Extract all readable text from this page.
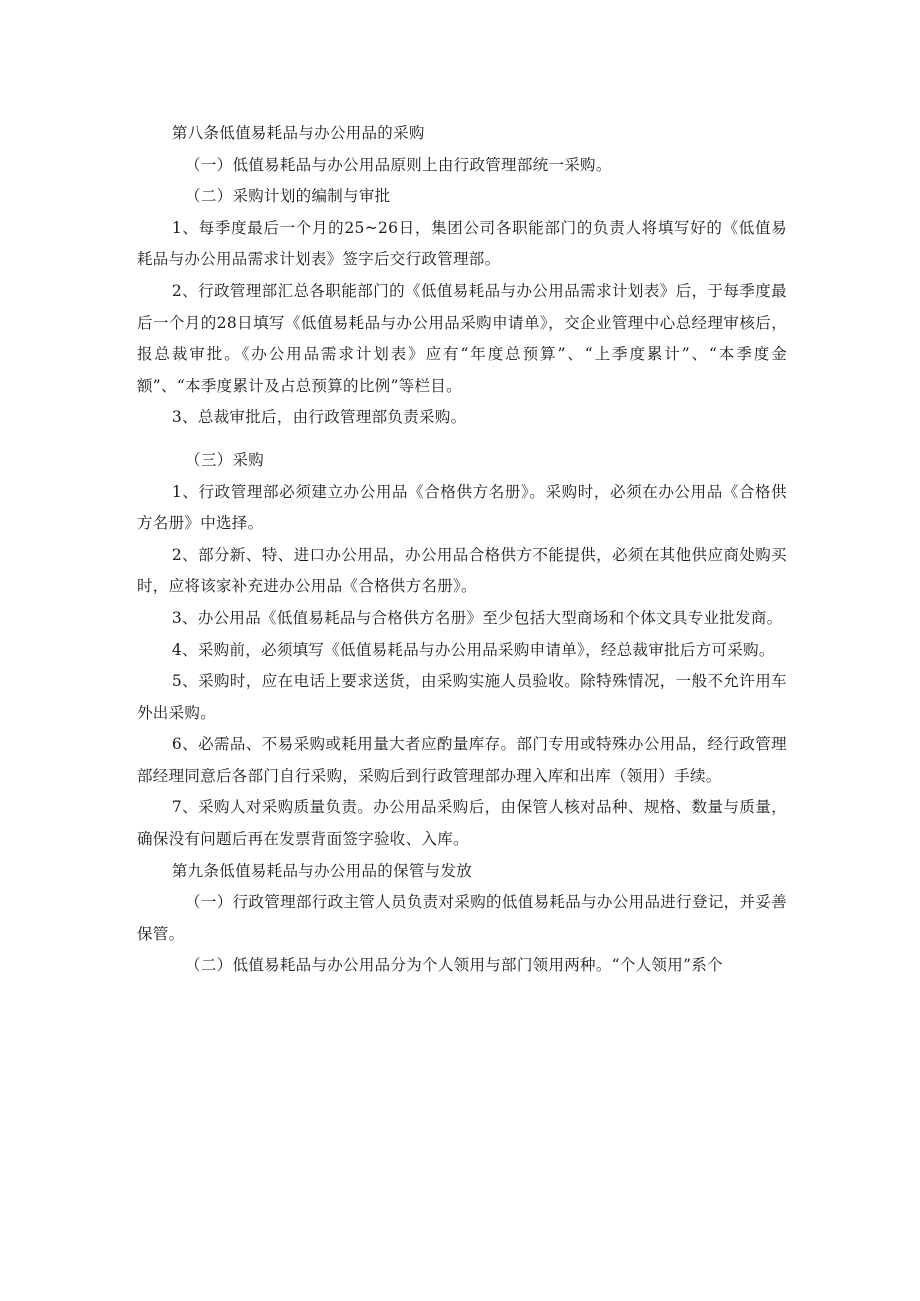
第八条低值易耗品与办公用品的采购

（一）低值易耗品与办公用品原则上由行政管理部统一采购。

（二）采购计划的编制与审批

1、每季度最后一个月的25~26日，集团公司各职能部门的负责人将填写好的《低值易耗品与办公用品需求计划表》签字后交行政管理部。

2、行政管理部汇总各职能部门的《低值易耗品与办公用品需求计划表》后，于每季度最后一个月的28日填写《低值易耗品与办公用品采购申请单》，交企业管理中心总经理审核后，报总裁审批。《办公用品需求计划表》应有“年度总预算”、“上季度累计”、“本季度金额”、“本季度累计及占总预算的比例”等栏目。

3、总裁审批后，由行政管理部负责采购。

（三）采购

1、行政管理部必须建立办公用品《合格供方名册》。采购时，必须在办公用品《合格供方名册》中选择。

2、部分新、特、进口办公用品，办公用品合格供方不能提供，必须在其他供应商处购买时，应将该家补充进办公用品《合格供方名册》。

3、办公用品《低值易耗品与合格供方名册》至少包括大型商场和个体文具专业批发商。

4、采购前，必须填写《低值易耗品与办公用品采购申请单》，经总裁审批后方可采购。

5、采购时，应在电话上要求送货，由采购实施人员验收。除特殊情况，一般不允许用车外出采购。

6、必需品、不易采购或耗用量大者应酌量库存。部门专用或特殊办公用品，经行政管理部经理同意后各部门自行采购，采购后到行政管理部办理入库和出库（领用）手续。

7、采购人对采购质量负责。办公用品采购后，由保管人核对品种、规格、数量与质量，确保没有问题后再在发票背面签字验收、入库。

第九条低值易耗品与办公用品的保管与发放

（一）行政管理部行政主管人员负责对采购的低值易耗品与办公用品进行登记，并妥善保管。

（二）低值易耗品与办公用品分为个人领用与部门领用两种。“个人领用”系个
